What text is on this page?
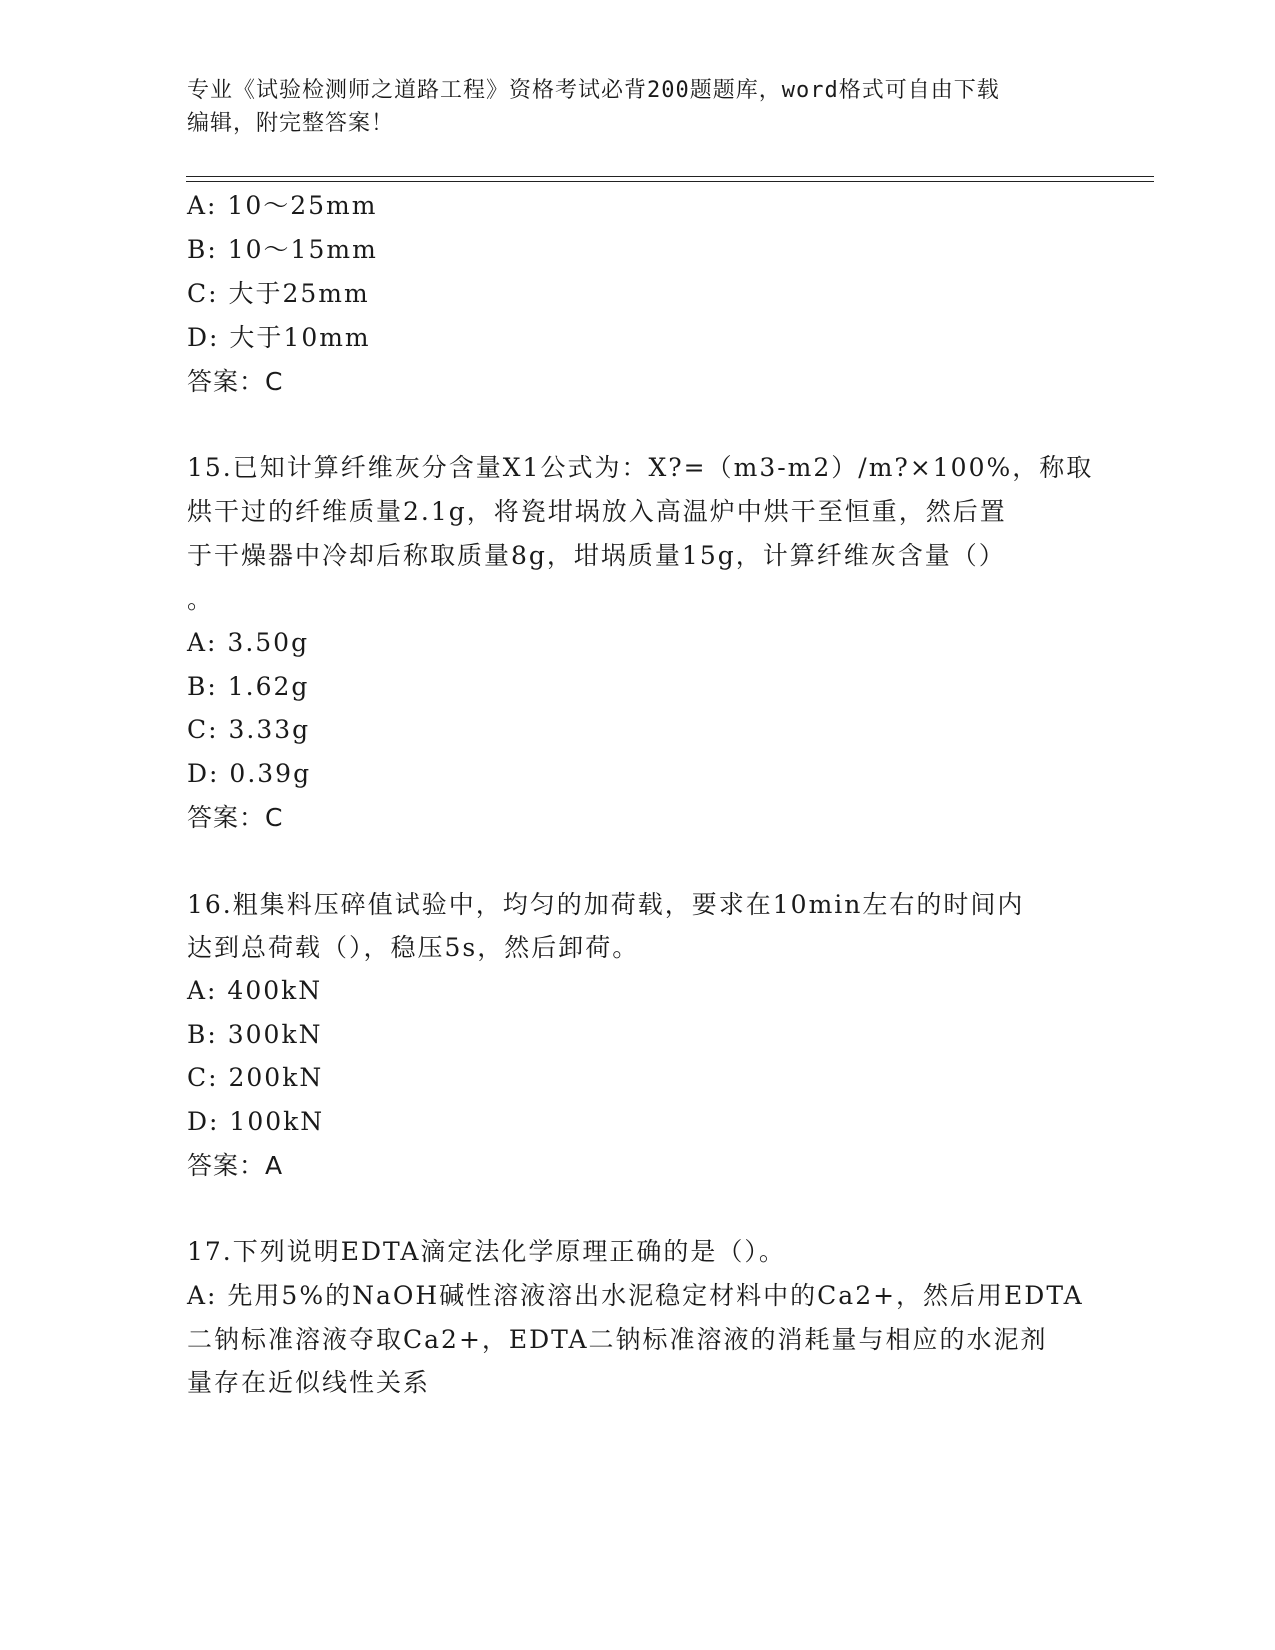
专业《试验检测师之道路工程》资格考试必背200题题库，word格式可自由下载
编辑，附完整答案！
A: 10～25mm
B: 10～15mm
C: 大于25mm
D: 大于10mm
答案：C
15.已知计算纤维灰分含量X1公式为：X?=（m3-m2）/m?×100%，称取
烘干过的纤维质量2.1g，将瓷坩埚放入高温炉中烘干至恒重，然后置
于干燥器中冷却后称取质量8g，坩埚质量15g，计算纤维灰含量（）
。
A: 3.50g
B: 1.62g
C: 3.33g
D: 0.39g
答案：C
16.粗集料压碎值试验中，均匀的加荷载，要求在10min左右的时间内
达到总荷载（），稳压5s，然后卸荷。
A: 400kN
B: 300kN
C: 200kN
D: 100kN
答案：A
17.下列说明EDTA滴定法化学原理正确的是（）。
A: 先用5%的NaOH碱性溶液溶出水泥稳定材料中的Ca2+，然后用EDTA
二钠标准溶液夺取Ca2+，EDTA二钠标准溶液的消耗量与相应的水泥剂
量存在近似线性关系
